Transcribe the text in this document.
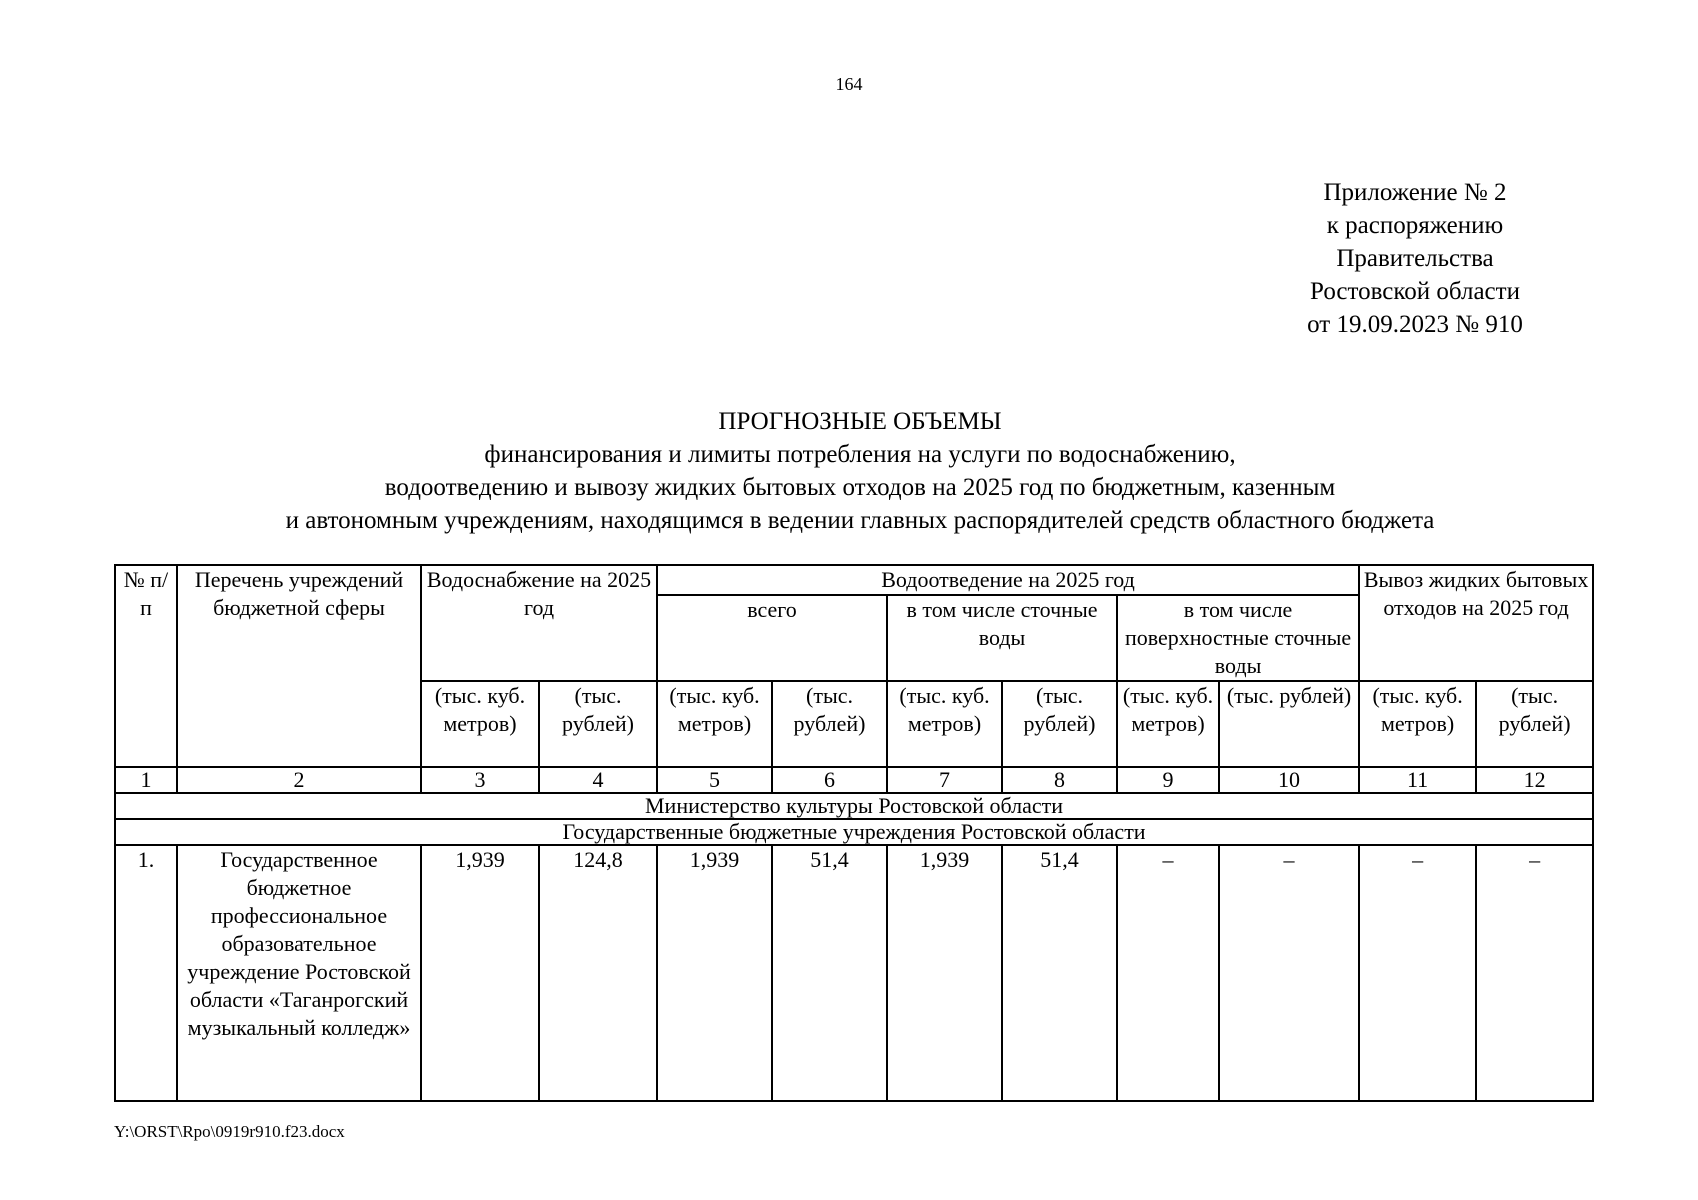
164
Приложение № 2
к распоряжению
Правительства
Ростовской области
от 19.09.2023 № 910
ПРОГНОЗНЫЕ ОБЪЕМЫ
финансирования и лимиты потребления на услуги по водоснабжению,
водоотведению и вывозу жидких бытовых отходов на 2025 год по бюджетным, казенным
и автономным учреждениям, находящимся в ведении главных распорядителей средств областного бюджета
№ п/п	Перечень учреждений бюджетной сферы	Водоснабжение на 2025 год		Водоотведение на 2025 год						Вывоз жидких бытовых отходов на 2025 год	
				всего		в том числе сточные воды		в том числе поверхностные сточные воды			
		(тыс. куб. метров)	(тыс. рублей)	(тыс. куб. метров)	(тыс. рублей)	(тыс. куб. метров)	(тыс. рублей)	(тыс. куб. метров)	(тыс. рублей)	(тыс. куб. метров)	(тыс. рублей)
1	2	3	4	5	6	7	8	9	10	11	12
Министерство культуры Ростовской области											
Государственные бюджетные учреждения Ростовской области											
1.	Государственное бюджетное профессиональное образовательное учреждение Ростовской области «Таганрогский музыкальный колледж»	1,939	124,8	1,939	51,4	1,939	51,4	–	–	–	–
Y:\ORST\Rpo\0919r910.f23.docx
